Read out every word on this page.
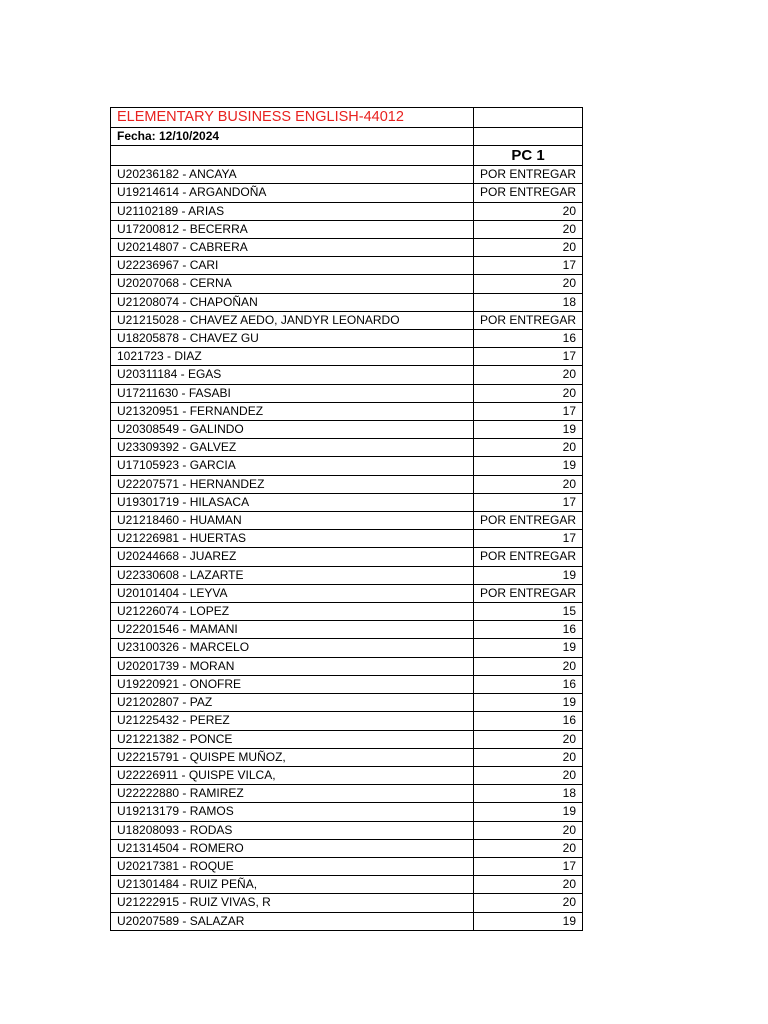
ELEMENTARY BUSINESS ENGLISH-44012	
Fecha: 12/10/2024	
	PC 1
U20236182 - ANCAYA	POR ENTREGAR
U19214614 - ARGANDOÑA	POR ENTREGAR
U21102189 - ARIAS	20
U17200812 - BECERRA	20
U20214807 - CABRERA	20
U22236967 - CARI	17
U20207068 - CERNA	20
U21208074 - CHAPOÑAN	18
U21215028 - CHAVEZ AEDO, JANDYR LEONARDO	POR ENTREGAR
U18205878 - CHAVEZ GU	16
1021723 - DIAZ	17
U20311184 - EGAS	20
U17211630 - FASABI	20
U21320951 - FERNANDEZ	17
U20308549 - GALINDO	19
U23309392 - GALVEZ	20
U17105923 - GARCIA	19
U22207571 - HERNANDEZ	20
U19301719 - HILASACA	17
U21218460 - HUAMAN	POR ENTREGAR
U21226981 - HUERTAS	17
U20244668 - JUAREZ	POR ENTREGAR
U22330608 - LAZARTE	19
U20101404 - LEYVA	POR ENTREGAR
U21226074 - LOPEZ	15
U22201546 - MAMANI	16
U23100326 - MARCELO	19
U20201739 - MORAN	20
U19220921 - ONOFRE	16
U21202807 - PAZ	19
U21225432 - PEREZ	16
U21221382 - PONCE	20
U22215791 - QUISPE MUÑOZ,	20
U22226911 - QUISPE VILCA,	20
U22222880 - RAMIREZ	18
U19213179 - RAMOS	19
U18208093 - RODAS	20
U21314504 - ROMERO	20
U20217381 - ROQUE	17
U21301484 - RUIZ PEÑA,	20
U21222915 - RUIZ VIVAS, R	20
U20207589 - SALAZAR	19
